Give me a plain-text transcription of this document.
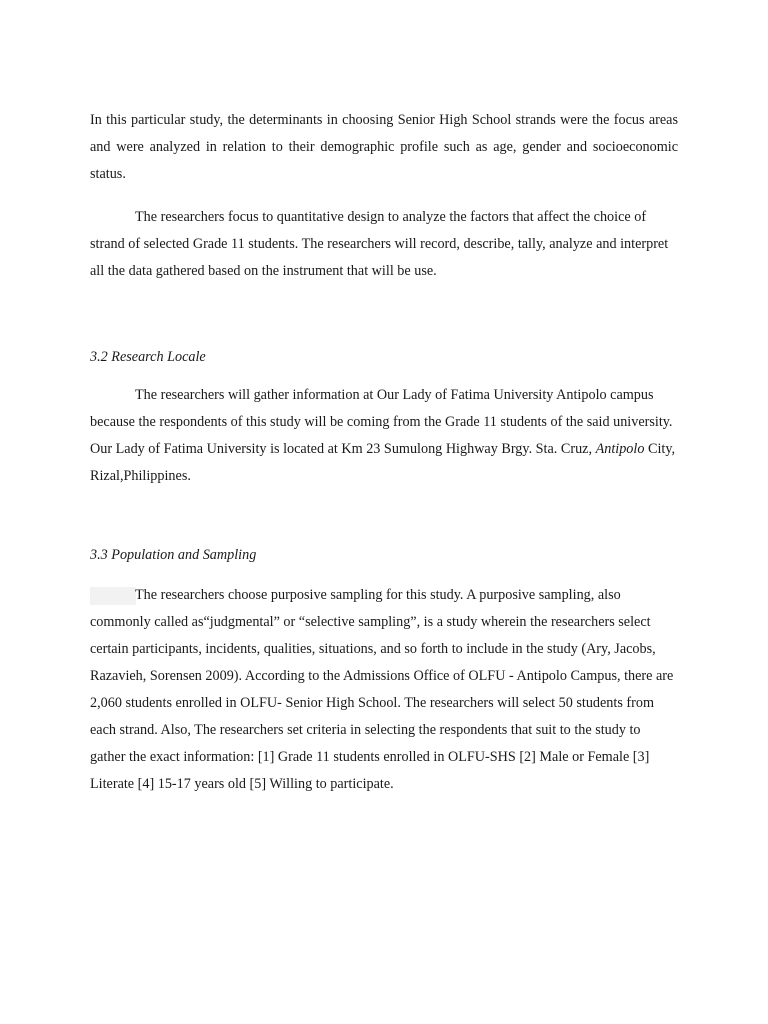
In this particular study, the determinants in choosing Senior High School strands were the focus areas and were analyzed in relation to their demographic profile such as age, gender and socioeconomic status.

The researchers focus to quantitative design to analyze the factors that affect the choice of strand of selected Grade 11 students. The researchers will record, describe, tally, analyze and interpret all the data gathered based on the instrument that will be use.

3.2 Research Locale

The researchers will gather information at Our Lady of Fatima University Antipolo campus because the respondents of this study will be coming from the Grade 11 students of the said university. Our Lady of Fatima University is located at Km 23 Sumulong Highway Brgy. Sta. Cruz, Antipolo City, Rizal,Philippines.

3.3 Population and Sampling

The researchers choose purposive sampling for this study. A purposive sampling, also commonly called as“judgmental” or “selective sampling”, is a study wherein the researchers select certain participants, incidents, qualities, situations, and so forth to include in the study (Ary, Jacobs, Razavieh, Sorensen 2009). According to the Admissions Office of OLFU - Antipolo Campus, there are 2,060 students enrolled in OLFU- Senior High School. The researchers will select 50 students from each strand. Also, The researchers set criteria in selecting the respondents that suit to the study to gather the exact information: [1] Grade 11 students enrolled in OLFU-SHS [2] Male or Female [3] Literate [4] 15-17 years old [5] Willing to participate.
